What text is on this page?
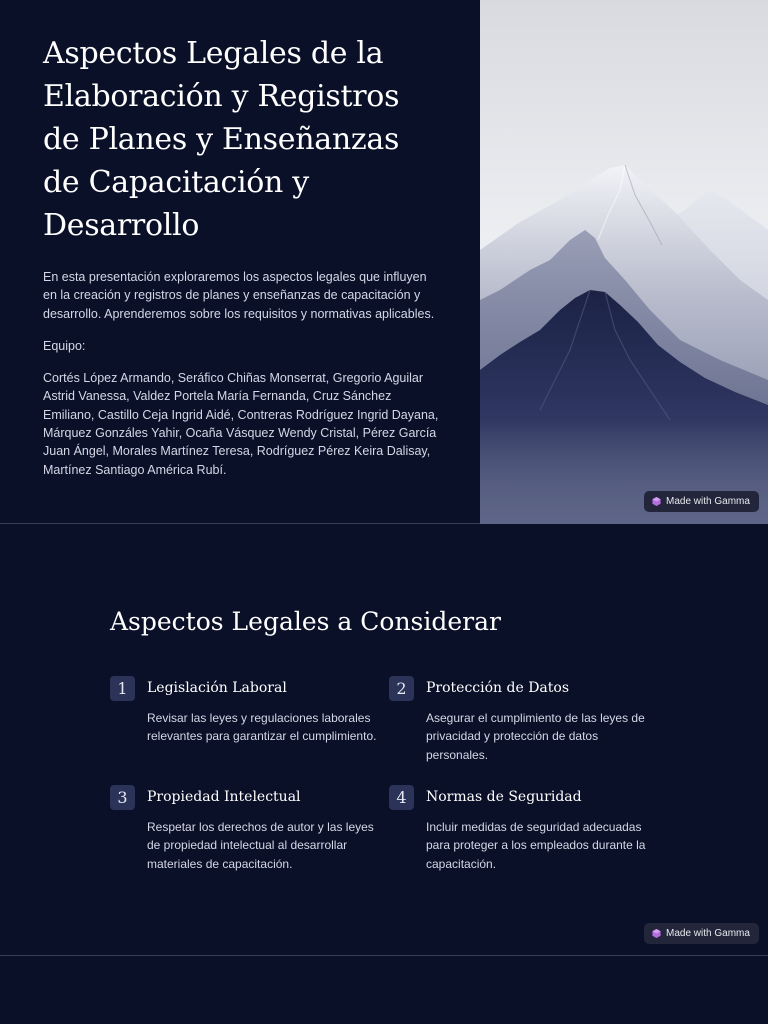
Aspectos Legales de la Elaboración y Registros de Planes y Enseñanzas de Capacitación y Desarrollo

En esta presentación exploraremos los aspectos legales que influyen en la creación y registros de planes y enseñanzas de capacitación y desarrollo. Aprenderemos sobre los requisitos y normativas aplicables.

Equipo:

Cortés López Armando, Seráfico Chiñas Monserrat, Gregorio Aguilar Astrid Vanessa, Valdez Portela María Fernanda, Cruz Sánchez Emiliano, Castillo Ceja Ingrid Aidé, Contreras Rodríguez Ingrid Dayana, Márquez Gonzáles Yahir, Ocaña Vásquez Wendy Cristal, Pérez García Juan Ángel, Morales Martínez Teresa, Rodríguez Pérez Keira Dalisay, Martínez Santiago América Rubí.

Made with Gamma
Aspectos Legales a Considerar
1	Legislación Laboral
Revisar las leyes y regulaciones laborales relevantes para garantizar el cumplimiento.
2	Protección de Datos
Asegurar el cumplimiento de las leyes de privacidad y protección de datos personales.
3	Propiedad Intelectual
Respetar los derechos de autor y las leyes de propiedad intelectual al desarrollar materiales de capacitación.
4	Normas de Seguridad
Incluir medidas de seguridad adecuadas para proteger a los empleados durante la capacitación.
Made with Gamma
